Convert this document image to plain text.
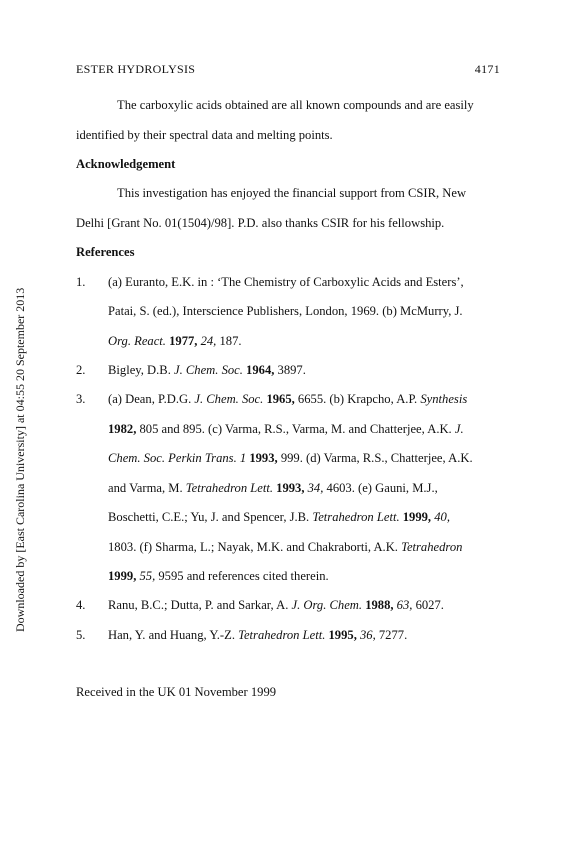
ESTER HYDROLYSIS	4171
Downloaded by [East Carolina University] at 04:55 20 September 2013
The carboxylic acids obtained are all known compounds and are easily
identified by their spectral data and melting points.
Acknowledgement
This investigation has enjoyed the financial support from CSIR, New
Delhi [Grant No. 01(1504)/98]. P.D. also thanks CSIR for his fellowship.
References
1. (a) Euranto, E.K. in : ‘The Chemistry of Carboxylic Acids and Esters’,
Patai, S. (ed.), Interscience Publishers, London, 1969. (b) McMurry, J.
Org. React. 1977, 24, 187.
2. Bigley, D.B. J. Chem. Soc. 1964, 3897.
3. (a) Dean, P.D.G. J. Chem. Soc. 1965, 6655. (b) Krapcho, A.P. Synthesis
1982, 805 and 895. (c) Varma, R.S., Varma, M. and Chatterjee, A.K. J.
Chem. Soc. Perkin Trans. 1 1993, 999. (d) Varma, R.S., Chatterjee, A.K.
and Varma, M. Tetrahedron Lett. 1993, 34, 4603. (e) Gauni, M.J.,
Boschetti, C.E.; Yu, J. and Spencer, J.B. Tetrahedron Lett. 1999, 40,
1803. (f) Sharma, L.; Nayak, M.K. and Chakraborti, A.K. Tetrahedron
1999, 55, 9595 and references cited therein.
4. Ranu, B.C.; Dutta, P. and Sarkar, A. J. Org. Chem. 1988, 63, 6027.
5. Han, Y. and Huang, Y.-Z. Tetrahedron Lett. 1995, 36, 7277.
Received in the UK 01 November 1999
